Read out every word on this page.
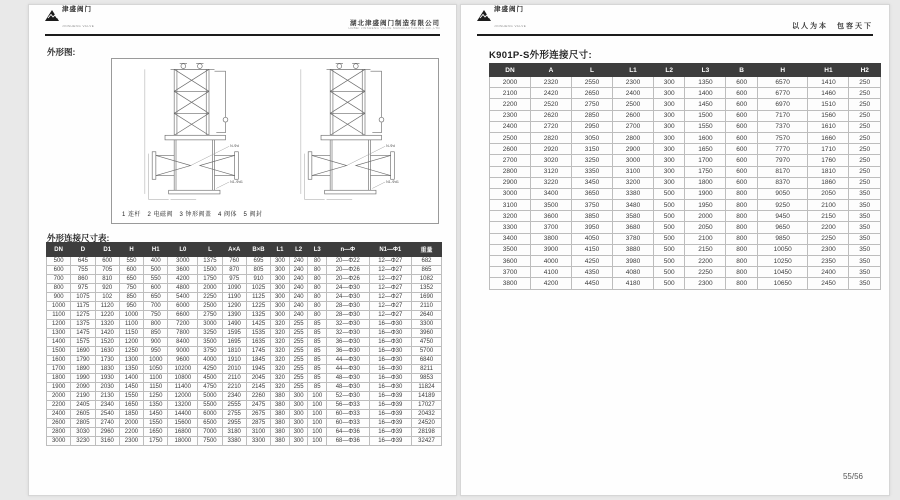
津盛阀门
JINSHENG VALVE	湖北津盛阀门制造有限公司
HUBEI JINSHENG VALVE MANUFACTURING CO.,LTD
外形图:
N-Φd
N1-Φd1
N-Φd
N1-Φd1
1 连杆　2 电磁阀　3 钟形阀盖　4 阀体　5 阀封
外形连接尺寸表:
DN	D	D1	H	H1	L0	L	A×A	B×B	L1	L2	L3	n—Φ	N1—Φ1	重量
500	645	600	550	400	3000	1375	760	695	300	240	80	20—Φ22	12—Φ27	682
600	755	705	600	500	3600	1500	870	805	300	240	80	20—Φ26	12—Φ27	865
700	860	810	650	550	4200	1750	975	910	300	240	80	20—Φ26	12—Φ27	1082
800	975	920	750	600	4800	2000	1090	1025	300	240	80	24—Φ30	12—Φ27	1352
900	1075	102	850	650	5400	2250	1190	1125	300	240	80	24—Φ30	12—Φ27	1690
1000	1175	1120	950	700	6000	2500	1290	1225	300	240	80	28—Φ30	12—Φ27	2110
1100	1275	1220	1000	750	6600	2750	1390	1325	300	240	80	28—Φ30	12—Φ27	2640
1200	1375	1320	1100	800	7200	3000	1490	1425	320	255	85	32—Φ30	16—Φ30	3300
1300	1475	1420	1150	850	7800	3250	1595	1535	320	255	85	32—Φ30	16—Φ30	3960
1400	1575	1520	1200	900	8400	3500	1695	1635	320	255	85	36—Φ30	16—Φ30	4750
1500	1690	1630	1250	950	9000	3750	1810	1745	320	255	85	36—Φ30	16—Φ30	5700
1600	1790	1730	1300	1000	9600	4000	1910	1845	320	255	85	44—Φ30	16—Φ30	6840
1700	1890	1830	1350	1050	10200	4250	2010	1945	320	255	85	44—Φ30	16—Φ30	8211
1800	1990	1930	1400	1100	10800	4500	2110	2045	320	255	85	48—Φ30	16—Φ30	9853
1900	2090	2030	1450	1150	11400	4750	2210	2145	320	255	85	48—Φ30	16—Φ30	11824
2000	2190	2130	1550	1250	12000	5000	2340	2260	380	300	100	52—Φ30	16—Φ39	14189
2200	2405	2340	1650	1350	13200	5500	2555	2475	380	300	100	56—Φ33	16—Φ39	17027
2400	2605	2540	1850	1450	14400	6000	2755	2675	380	300	100	60—Φ33	16—Φ39	20432
2600	2805	2740	2000	1550	15600	6500	2955	2875	380	300	100	60—Φ33	16—Φ39	24520
2800	3030	2960	2200	1650	16800	7000	3180	3100	380	300	100	64—Φ36	16—Φ39	28198
3000	3230	3160	2300	1750	18000	7500	3380	3300	380	300	100	68—Φ36	16—Φ39	32427
津盛阀门
JINSHENG VALVE	以人为本　包容天下
K901P-S外形连接尺寸:
DN	A	L	L1	L2	L3	B	H	H1	H2
2000	2320	2550	2300	300	1350	600	6570	1410	250
2100	2420	2650	2400	300	1400	600	6770	1460	250
2200	2520	2750	2500	300	1450	600	6970	1510	250
2300	2620	2850	2600	300	1500	600	7170	1560	250
2400	2720	2950	2700	300	1550	600	7370	1610	250
2500	2820	3050	2800	300	1600	600	7570	1660	250
2600	2920	3150	2900	300	1650	600	7770	1710	250
2700	3020	3250	3000	300	1700	600	7970	1760	250
2800	3120	3350	3100	300	1750	600	8170	1810	250
2900	3220	3450	3200	300	1800	600	8370	1860	250
3000	3400	3650	3380	500	1900	800	9050	2050	350
3100	3500	3750	3480	500	1950	800	9250	2100	350
3200	3600	3850	3580	500	2000	800	9450	2150	350
3300	3700	3950	3680	500	2050	800	9650	2200	350
3400	3800	4050	3780	500	2100	800	9850	2250	350
3500	3900	4150	3880	500	2150	800	10050	2300	350
3600	4000	4250	3980	500	2200	800	10250	2350	350
3700	4100	4350	4080	500	2250	800	10450	2400	350
3800	4200	4450	4180	500	2300	800	10650	2450	350
55/56
